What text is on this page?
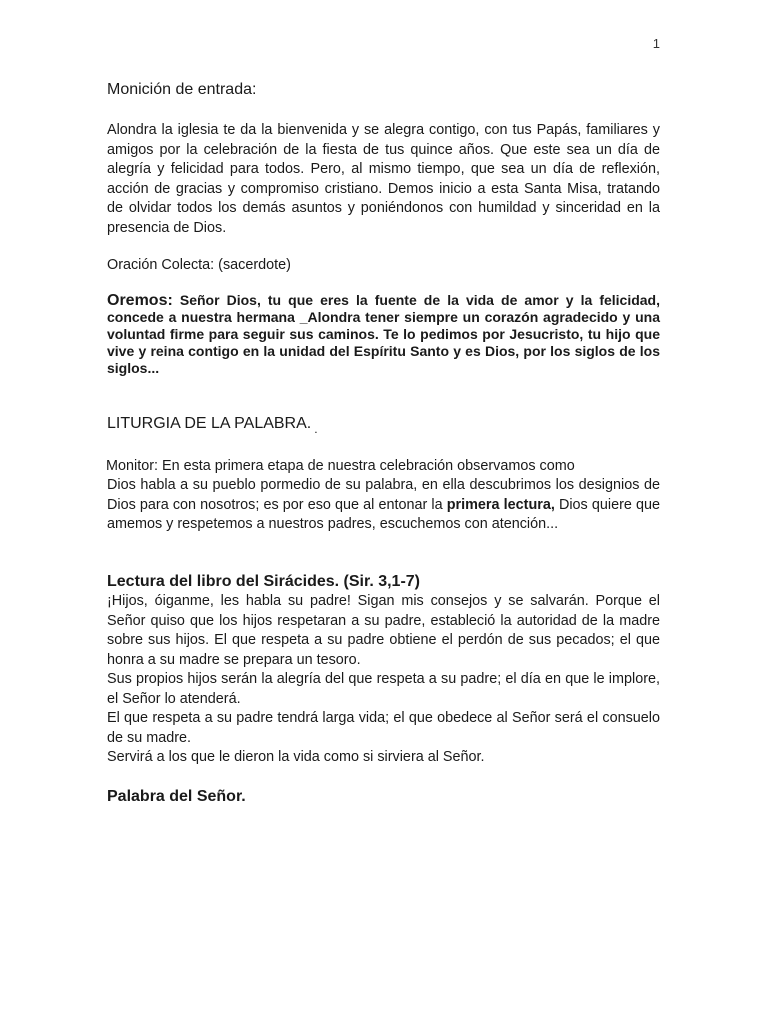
1
Monición de entrada:
Alondra la iglesia te da la bienvenida y se alegra contigo, con tus Papás, familiares y amigos por la celebración de la fiesta de tus quince años. Que este sea un día de alegría y felicidad para todos. Pero, al mismo tiempo, que sea un día de reflexión, acción de gracias y compromiso cristiano. Demos inicio a esta Santa Misa, tratando de olvidar todos los demás asuntos y poniéndonos con humildad y sinceridad en la presencia de Dios.
Oración Colecta: (sacerdote)
Oremos: Señor Dios, tu que eres la fuente de la vida de amor y la felicidad, concede a nuestra hermana _Alondra tener siempre un corazón agradecido y una voluntad firme para seguir sus caminos. Te lo pedimos por Jesucristo, tu hijo que vive y reina contigo en la unidad del Espíritu Santo y es Dios, por los siglos de los siglos...
LITURGIA DE LA PALABRA. $_.$
Monitor: En esta primera etapa de nuestra celebración observamos como
Dios habla a su pueblo pormedio de su palabra, en ella descubrimos los designios de Dios para con nosotros; es por eso que al entonar la primera lectura, Dios quiere que amemos y respetemos a nuestros padres, escuchemos con atención...
Lectura del libro del Sirácides. (Sir. 3,1-7)

¡Hijos, óiganme, les habla su padre! Sigan mis consejos y se salvarán. Porque el Señor quiso que los hijos respetaran a su padre, estableció la autoridad de la madre sobre sus hijos. El que respeta a su padre obtiene el perdón de sus pecados; el que honra a su madre se prepara un tesoro.

Sus propios hijos serán la alegría del que respeta a su padre; el día en que le implore, el Señor lo atenderá.

El que respeta a su padre tendrá larga vida; el que obedece al Señor será el consuelo de su madre.

Servirá a los que le dieron la vida como si sirviera al Señor.

Palabra del Señor.
